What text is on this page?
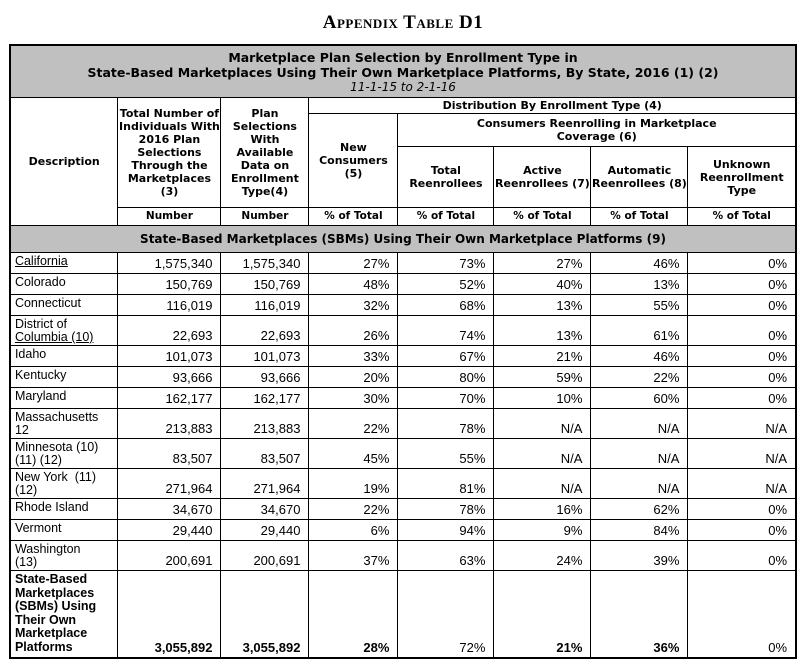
Appendix Table D1
Marketplace Plan Selection by Enrollment Type in
State-Based Marketplaces Using Their Own Marketplace Platforms, By State, 2016 (1) (2)
11-1-15 to 2-1-16							

Description	Total Number of Individuals With 2016 Plan Selections Through the Marketplaces (3)	Plan Selections With Available Data on Enrollment Type(4)	Distribution By Enrollment Type (4)				
			New Consumers (5)	Consumers Reenrolling in Marketplace Coverage (6)			

				Total Reenrollees	Active Reenrollees (7)	Automatic Reenrollees (8)	Unknown Reenrollment Type
	Number	Number	% of Total	% of Total	% of Total	% of Total	% of Total
State-Based Marketplaces (SBMs) Using Their Own Marketplace Platforms (9)							
California	1,575,340	1,575,340	27%	73%	27%	46%	0%
Colorado	150,769	150,769	48%	52%	40%	13%	0%
Connecticut	116,019	116,019	32%	68%	13%	55%	0%
District of
Columbia (10)	22,693	22,693	26%	74%	13%	61%	0%
Idaho	101,073	101,073	33%	67%	21%	46%	0%
Kentucky	93,666	93,666	20%	80%	59%	22%	0%
Maryland	162,177	162,177	30%	70%	10%	60%	0%
Massachusetts
12	213,883	213,883	22%	78%	N/A	N/A	N/A
Minnesota (10)
(11) (12)	83,507	83,507	45%	55%	N/A	N/A	N/A
New York  (11)
(12)	271,964	271,964	19%	81%	N/A	N/A	N/A
Rhode Island	34,670	34,670	22%	78%	16%	62%	0%
Vermont	29,440	29,440	6%	94%	9%	84%	0%
Washington
(13)	200,691	200,691	37%	63%	24%	39%	0%
State-Based
Marketplaces
(SBMs) Using
Their Own
Marketplace
Platforms	3,055,892	3,055,892	28%	72%	21%	36%	0%
